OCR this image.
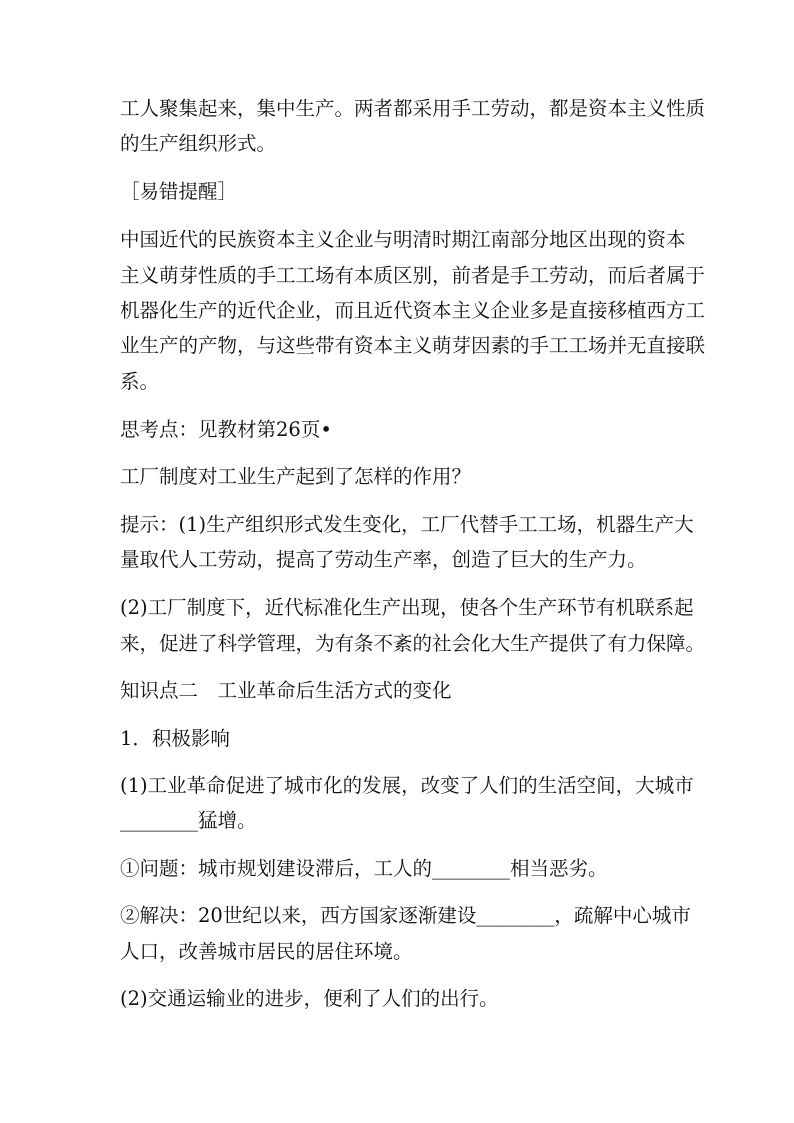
工人聚集起来，集中生产。两者都采用手工劳动，都是资本主义性质
的生产组织形式。
［易错提醒］
中国近代的民族资本主义企业与明清时期江南部分地区出现的资本
主义萌芽性质的手工工场有本质区别，前者是手工劳动，而后者属于
机器化生产的近代企业，而且近代资本主义企业多是直接移植西方工
业生产的产物，与这些带有资本主义萌芽因素的手工工场并无直接联
系。
思考点：见教材第26页•
工厂制度对工业生产起到了怎样的作用？
提示：(1)生产组织形式发生变化，工厂代替手工工场，机器生产大
量取代人工劳动，提高了劳动生产率，创造了巨大的生产力。
(2)工厂制度下，近代标准化生产出现，使各个生产环节有机联系起
来，促进了科学管理，为有条不紊的社会化大生产提供了有力保障。
知识点二　工业革命后生活方式的变化
1．积极影响
(1)工业革命促进了城市化的发展，改变了人们的生活空间，大城市
________猛增。
①问题：城市规划建设滞后，工人的________相当恶劣。
②解决：20世纪以来，西方国家逐渐建设________，疏解中心城市
人口，改善城市居民的居住环境。
(2)交通运输业的进步，便利了人们的出行。
